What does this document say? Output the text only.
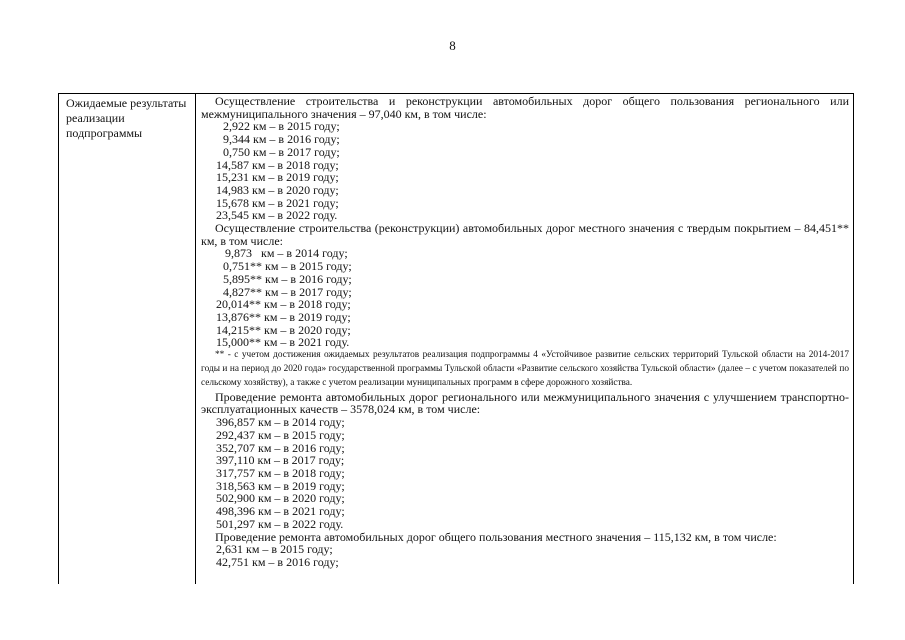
8
Ожидаемые результаты реализации подпрограммы

Осуществление строительства и реконструкции автомобильных дорог общего пользования регионального или межмуниципального значения – 97,040 км, в том числе:

2,922 км – в 2015 году;
9,344 км – в 2016 году;
0,750 км – в 2017 году;
14,587 км – в 2018 году;
15,231 км – в 2019 году;
14,983 км – в 2020 году;
15,678 км – в 2021 году;
23,545 км – в 2022 году.

Осуществление строительства (реконструкции) автомобильных дорог местного значения с твердым покрытием – 84,451** км, в том числе:

9,873   км – в 2014 году;
0,751** км – в 2015 году;
5,895** км – в 2016 году;
4,827** км – в 2017 году;
20,014** км – в 2018 году;
13,876** км – в 2019 году;
14,215** км – в 2020 году;
15,000** км – в 2021 году.

** - с учетом достижения ожидаемых результатов реализация подпрограммы 4 «Устойчивое развитие сельских территорий Тульской области на 2014-2017 годы и на период до 2020 года» государственной программы Тульской области «Развитие сельского хозяйства Тульской области» (далее – с учетом показателей по сельскому хозяйству), а также с учетом реализации муниципальных программ в сфере дорожного хозяйства.

Проведение ремонта автомобильных дорог регионального или межмуниципального значения с улучшением транспортно-эксплуатационных качеств – 3578,024 км, в том числе:

396,857 км – в 2014 году;
292,437 км – в 2015 году;
352,707 км – в 2016 году;
397,110 км – в 2017 году;
317,757 км – в 2018 году;
318,563 км – в 2019 году;
502,900 км – в 2020 году;
498,396 км – в 2021 году;
501,297 км – в 2022 году.

Проведение ремонта автомобильных дорог общего пользования местного значения – 115,132 км, в том числе:

2,631 км – в 2015 году;
42,751 км – в 2016 году;
